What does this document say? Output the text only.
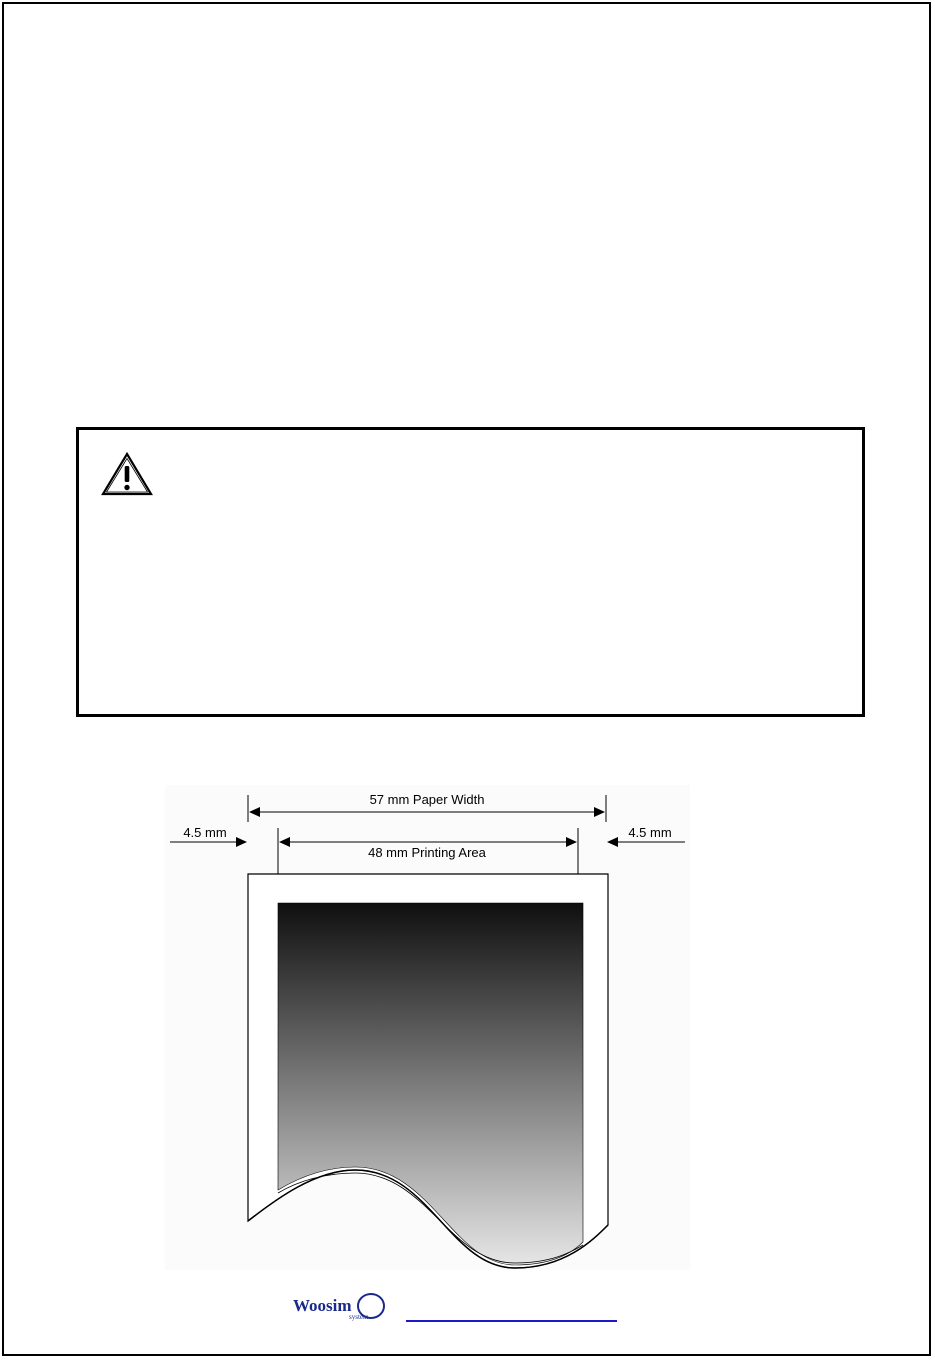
57 mm Paper Width
48 mm Printing Area
4.5 mm	4.5 mm
Woosim
system
